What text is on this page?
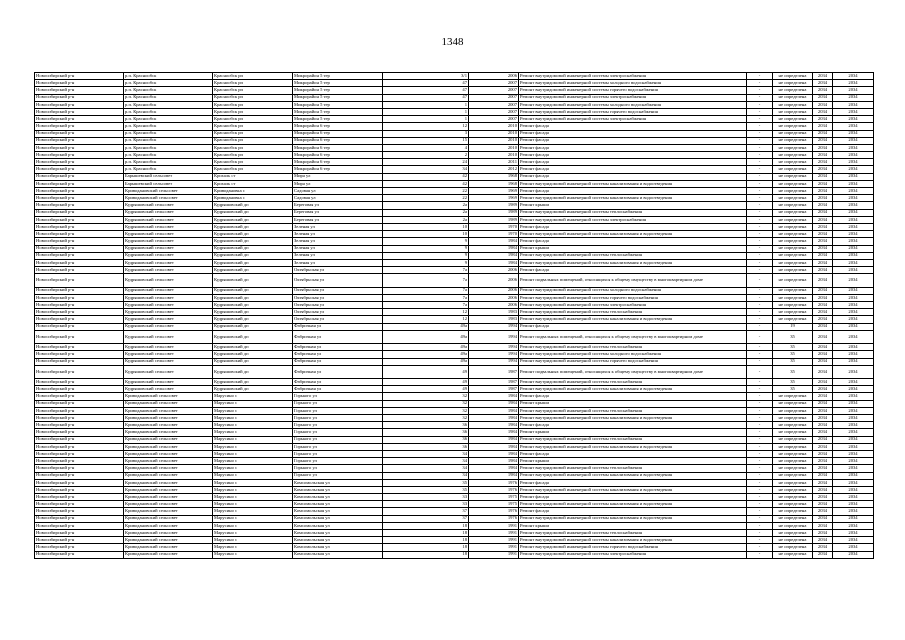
1348
Новосибирский р-н	р.п. Краснообск	Краснообск рп	Микрорайон 5 тер	3/1	2006	Ремонт внутридомовой инженерной системы электроснабжения	-	не определена	2034	2034
Новосибирский р-н	р.п. Краснообск	Краснообск рп	Микрорайон 5 тер	47	2007	Ремонт внутридомовой инженерной системы холодного водоснабжения	-	не определена	2034	2034
Новосибирский р-н	р.п. Краснообск	Краснообск рп	Микрорайон 5 тер	47	2007	Ремонт внутридомовой инженерной системы горячего водоснабжения	-	не определена	2034	2034
Новосибирский р-н	р.п. Краснообск	Краснообск рп	Микрорайон 5 тер	47	2007	Ремонт внутридомовой инженерной системы электроснабжения	-	не определена	2034	2034
Новосибирский р-н	р.п. Краснообск	Краснообск рп	Микрорайон 5 тер	1	2007	Ремонт внутридомовой инженерной системы холодного водоснабжения	-	не определена	2034	2034
Новосибирский р-н	р.п. Краснообск	Краснообск рп	Микрорайон 5 тер	1	2007	Ремонт внутридомовой инженерной системы горячего водоснабжения	-	не определена	2034	2034
Новосибирский р-н	р.п. Краснообск	Краснообск рп	Микрорайон 5 тер	1	2007	Ремонт внутридомовой инженерной системы электроснабжения	-	не определена	2034	2034
Новосибирский р-н	р.п. Краснообск	Краснообск рп	Микрорайон 6 тер	12	2010	Ремонт фасада	-	не определена	2034	2034
Новосибирский р-н	р.п. Краснообск	Краснообск рп	Микрорайон 6 тер	3	2010	Ремонт фасада	-	не определена	2034	2034
Новосибирский р-н	р.п. Краснообск	Краснообск рп	Микрорайон 6 тер	15	2010	Ремонт фасада	-	не определена	2034	2034
Новосибирский р-н	р.п. Краснообск	Краснообск рп	Микрорайон 6 тер	4	2010	Ремонт фасада	-	не определена	2034	2034
Новосибирский р-н	р.п. Краснообск	Краснообск рп	Микрорайон 6 тер	2	2010	Ремонт фасада	-	не определена	2034	2034
Новосибирский р-н	р.п. Краснообск	Краснообск рп	Микрорайон 6 тер	24	2011	Ремонт фасада	-	не определена	2034	2034
Новосибирский р-н	р.п. Краснообск	Краснообск рп	Микрорайон 6 тер	34	2012	Ремонт фасада	-	не определена	2034	2034
Новосибирский р-н	Барышевский сельсовет	Крохаль ст	Мира ул	42	1968	Ремонт фасада	-	не определена	2034	2034
Новосибирский р-н	Барышевский сельсовет	Крохаль ст	Мира ул	42	1968	Ремонт внутридомовой инженерной системы канализования и водоотведения	-	не определена	2034	2034
Новосибирский р-н	Криводановский сельсовет	Криводановка с	Садовая ул	22	1969	Ремонт фасада	-	не определена	2034	2034
Новосибирский р-н	Криводановский сельсовет	Криводановка с	Садовая ул	22	1969	Ремонт внутридомовой инженерной системы канализования и водоотведения	-	не определена	2034	2034
Новосибирский р-н	Кудряшовский сельсовет	Кудряшовский дп	Береговая ул	2а	1989	Ремонт крыши	-	не определена	2034	2034
Новосибирский р-н	Кудряшовский сельсовет	Кудряшовский дп	Береговая ул	2а	1989	Ремонт внутридомовой инженерной системы теплоснабжения	-	не определена	2034	2034
Новосибирский р-н	Кудряшовский сельсовет	Кудряшовский дп	Береговая ул	2а	1989	Ремонт внутридомовой инженерной системы электроснабжения	-	не определена	2034	2034
Новосибирский р-н	Кудряшовский сельсовет	Кудряшовский дп	Зеленая ул	10	1970	Ремонт фасада	-	не определена	2034	2034
Новосибирский р-н	Кудряшовский сельсовет	Кудряшовский дп	Зеленая ул	10	1970	Ремонт внутридомовой инженерной системы канализования и водоотведения	-	не определена	2034	2034
Новосибирский р-н	Кудряшовский сельсовет	Кудряшовский дп	Зеленая ул	9	1984	Ремонт фасада	-	не определена	2034	2034
Новосибирский р-н	Кудряшовский сельсовет	Кудряшовский дп	Зеленая ул	9	1984	Ремонт крыши	-	не определена	2034	2034
Новосибирский р-н	Кудряшовский сельсовет	Кудряшовский дп	Зеленая ул	9	1984	Ремонт внутридомовой инженерной системы теплоснабжения	-	не определена	2034	2034
Новосибирский р-н	Кудряшовский сельсовет	Кудряшовский дп	Зеленая ул	9	1984	Ремонт внутридомовой инженерной системы канализования и водоотведения	-	не определена	2034	2034
Новосибирский р-н	Кудряшовский сельсовет	Кудряшовский дп	Октябрьская ул	7а	2006	Ремонт фасада	-	не определена	2034	2034
Новосибирский р-н	Кудряшовский сельсовет	Кудряшовский дп	Октябрьская ул	7а	2006	Ремонт подвальных помещений, относящихся к общему имуществу в многоквартирном доме	-	не определена	2034	2034
Новосибирский р-н	Кудряшовский сельсовет	Кудряшовский дп	Октябрьская ул	7а	2006	Ремонт внутридомовой инженерной системы холодного водоснабжения	-	не определена	2034	2034
Новосибирский р-н	Кудряшовский сельсовет	Кудряшовский дп	Октябрьская ул	7а	2006	Ремонт внутридомовой инженерной системы горячего водоснабжения	-	не определена	2034	2034
Новосибирский р-н	Кудряшовский сельсовет	Кудряшовский дп	Октябрьская ул	7а	2006	Ремонт внутридомовой инженерной системы электроснабжения	-	не определена	2034	2034
Новосибирский р-н	Кудряшовский сельсовет	Кудряшовский дп	Октябрьская ул	12	1983	Ремонт внутридомовой инженерной системы теплоснабжения	-	не определена	2034	2034
Новосибирский р-н	Кудряшовский сельсовет	Кудряшовский дп	Октябрьская ул	12	1983	Ремонт внутридомовой инженерной системы канализования и водоотведения	-	не определена	2034	2034
Новосибирский р-н	Кудряшовский сельсовет	Кудряшовский дп	Фабричная ул	49а	1994	Ремонт фасада	-	19	2034	2034
Новосибирский р-н	Кудряшовский сельсовет	Кудряшовский дп	Фабричная ул	49а	1994	Ремонт подвальных помещений, относящихся к общему имуществу в многоквартирном доме	-	35	2034	2034
Новосибирский р-н	Кудряшовский сельсовет	Кудряшовский дп	Фабричная ул	49а	1994	Ремонт внутридомовой инженерной системы теплоснабжения	-	35	2034	2034
Новосибирский р-н	Кудряшовский сельсовет	Кудряшовский дп	Фабричная ул	49а	1994	Ремонт внутридомовой инженерной системы холодного водоснабжения	-	35	2034	2034
Новосибирский р-н	Кудряшовский сельсовет	Кудряшовский дп	Фабричная ул	49а	1994	Ремонт внутридомовой инженерной системы горячего водоснабжения	-	35	2034	2034
Новосибирский р-н	Кудряшовский сельсовет	Кудряшовский дп	Фабричная ул	49	1987	Ремонт подвальных помещений, относящихся к общему имуществу в многоквартирном доме	-	35	2034	2034
Новосибирский р-н	Кудряшовский сельсовет	Кудряшовский дп	Фабричная ул	49	1987	Ремонт внутридомовой инженерной системы теплоснабжения	-	35	2034	2034
Новосибирский р-н	Кудряшовский сельсовет	Кудряшовский дп	Фабричная ул	49	1987	Ремонт внутридомовой инженерной системы канализования и водоотведения	-	35	2034	2034
Новосибирский р-н	Криводановский сельсовет	Марусино с	Горького ул	32	1984	Ремонт фасада	-	не определена	2034	2034
Новосибирский р-н	Криводановский сельсовет	Марусино с	Горького ул	32	1984	Ремонт крыши	-	не определена	2034	2034
Новосибирский р-н	Криводановский сельсовет	Марусино с	Горького ул	32	1984	Ремонт внутридомовой инженерной системы теплоснабжения	-	не определена	2034	2034
Новосибирский р-н	Криводановский сельсовет	Марусино с	Горького ул	32	1984	Ремонт внутридомовой инженерной системы канализования и водоотведения	-	не определена	2034	2034
Новосибирский р-н	Криводановский сельсовет	Марусино с	Горького ул	36	1984	Ремонт фасада	-	не определена	2034	2034
Новосибирский р-н	Криводановский сельсовет	Марусино с	Горького ул	36	1984	Ремонт крыши	-	не определена	2034	2034
Новосибирский р-н	Криводановский сельсовет	Марусино с	Горького ул	36	1984	Ремонт внутридомовой инженерной системы теплоснабжения	-	не определена	2034	2034
Новосибирский р-н	Криводановский сельсовет	Марусино с	Горького ул	36	1984	Ремонт внутридомовой инженерной системы канализования и водоотведения	-	не определена	2034	2034
Новосибирский р-н	Криводановский сельсовет	Марусино с	Горького ул	34	1984	Ремонт фасада	-	не определена	2034	2034
Новосибирский р-н	Криводановский сельсовет	Марусино с	Горького ул	34	1984	Ремонт крыши	-	не определена	2034	2034
Новосибирский р-н	Криводановский сельсовет	Марусино с	Горького ул	34	1984	Ремонт внутридомовой инженерной системы теплоснабжения	-	не определена	2034	2034
Новосибирский р-н	Криводановский сельсовет	Марусино с	Горького ул	34	1984	Ремонт внутридомовой инженерной системы канализования и водоотведения	-	не определена	2034	2034
Новосибирский р-н	Криводановский сельсовет	Марусино с	Комсомольская ул	35	1976	Ремонт фасада	-	не определена	2034	2034
Новосибирский р-н	Криводановский сельсовет	Марусино с	Комсомольская ул	35	1976	Ремонт внутридомовой инженерной системы канализования и водоотведения	-	не определена	2034	2034
Новосибирский р-н	Криводановский сельсовет	Марусино с	Комсомольская ул	33	1975	Ремонт фасада	-	не определена	2034	2034
Новосибирский р-н	Криводановский сельсовет	Марусино с	Комсомольская ул	33	1975	Ремонт внутридомовой инженерной системы канализования и водоотведения	-	не определена	2034	2034
Новосибирский р-н	Криводановский сельсовет	Марусино с	Комсомольская ул	37	1976	Ремонт фасада	-	не определена	2034	2034
Новосибирский р-н	Криводановский сельсовет	Марусино с	Комсомольская ул	37	1976	Ремонт внутридомовой инженерной системы канализования и водоотведения	-	не определена	2034	2034
Новосибирский р-н	Криводановский сельсовет	Марусино с	Комсомольская ул	18	1991	Ремонт крыши	-	не определена	2034	2034
Новосибирский р-н	Криводановский сельсовет	Марусино с	Комсомольская ул	18	1991	Ремонт внутридомовой инженерной системы теплоснабжения	-	не определена	2034	2034
Новосибирский р-н	Криводановский сельсовет	Марусино с	Комсомольская ул	18	1991	Ремонт внутридомовой инженерной системы канализования и водоотведения	-	не определена	2034	2034
Новосибирский р-н	Криводановский сельсовет	Марусино с	Комсомольская ул	18	1991	Ремонт внутридомовой инженерной системы горячего водоснабжения	-	не определена	2034	2034
Новосибирский р-н	Криводановский сельсовет	Марусино с	Комсомольская ул	18	1991	Ремонт внутридомовой инженерной системы электроснабжения	-	не определена	2034	2034
